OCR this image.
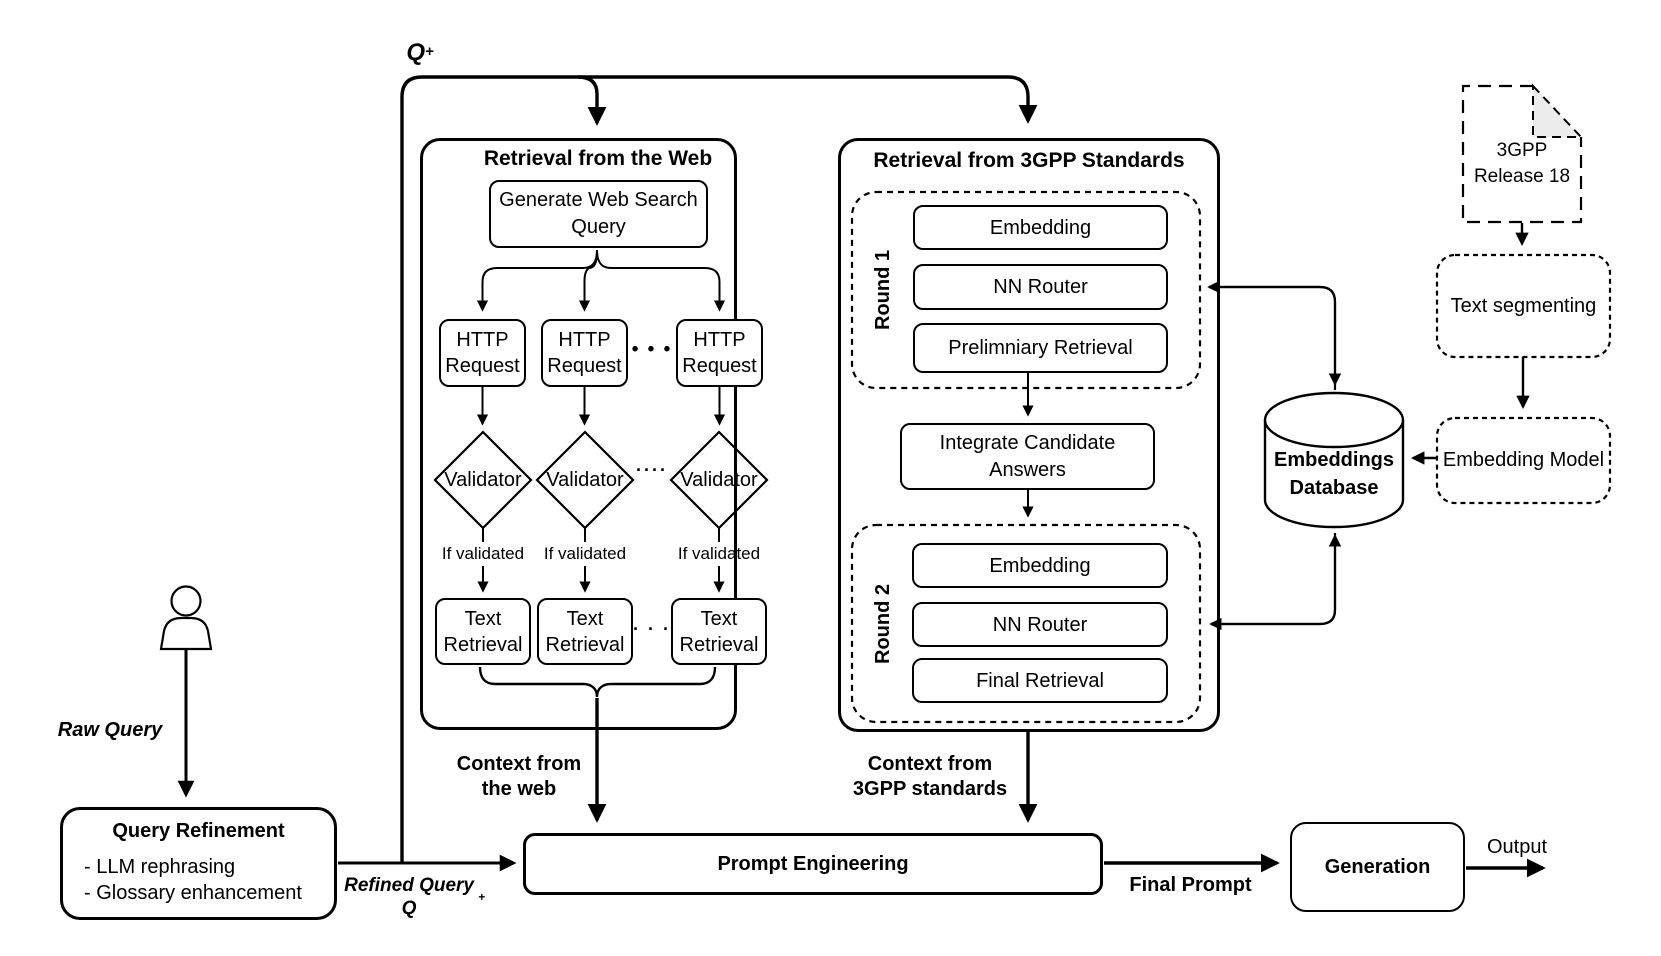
Q +
Retrieval from the Web
Generate Web Search
Query
HTTP
Request
HTTP
Request
HTTP
Request
• • •
Validator	Validator	Validator
····
If validated	If validated	If validated
Text
Retrieval
Text
Retrieval
Text
Retrieval
· · ·
Retrieval from 3GPP Standards
Round 1
Embedding
NN Router
Prelimniary Retrieval
Integrate Candidate
Answers
Round 2
Embedding
NN Router
Final Retrieval
Context from
the web
Context from
3GPP standards
Prompt Engineering
Final Prompt
Generation
Output
Query Refinement
- LLM rephrasing
- Glossary enhancement
Raw Query
Refined Query Q
+
3GPP
Release 18
Text segmenting
Embedding Model
Embeddings
Database
